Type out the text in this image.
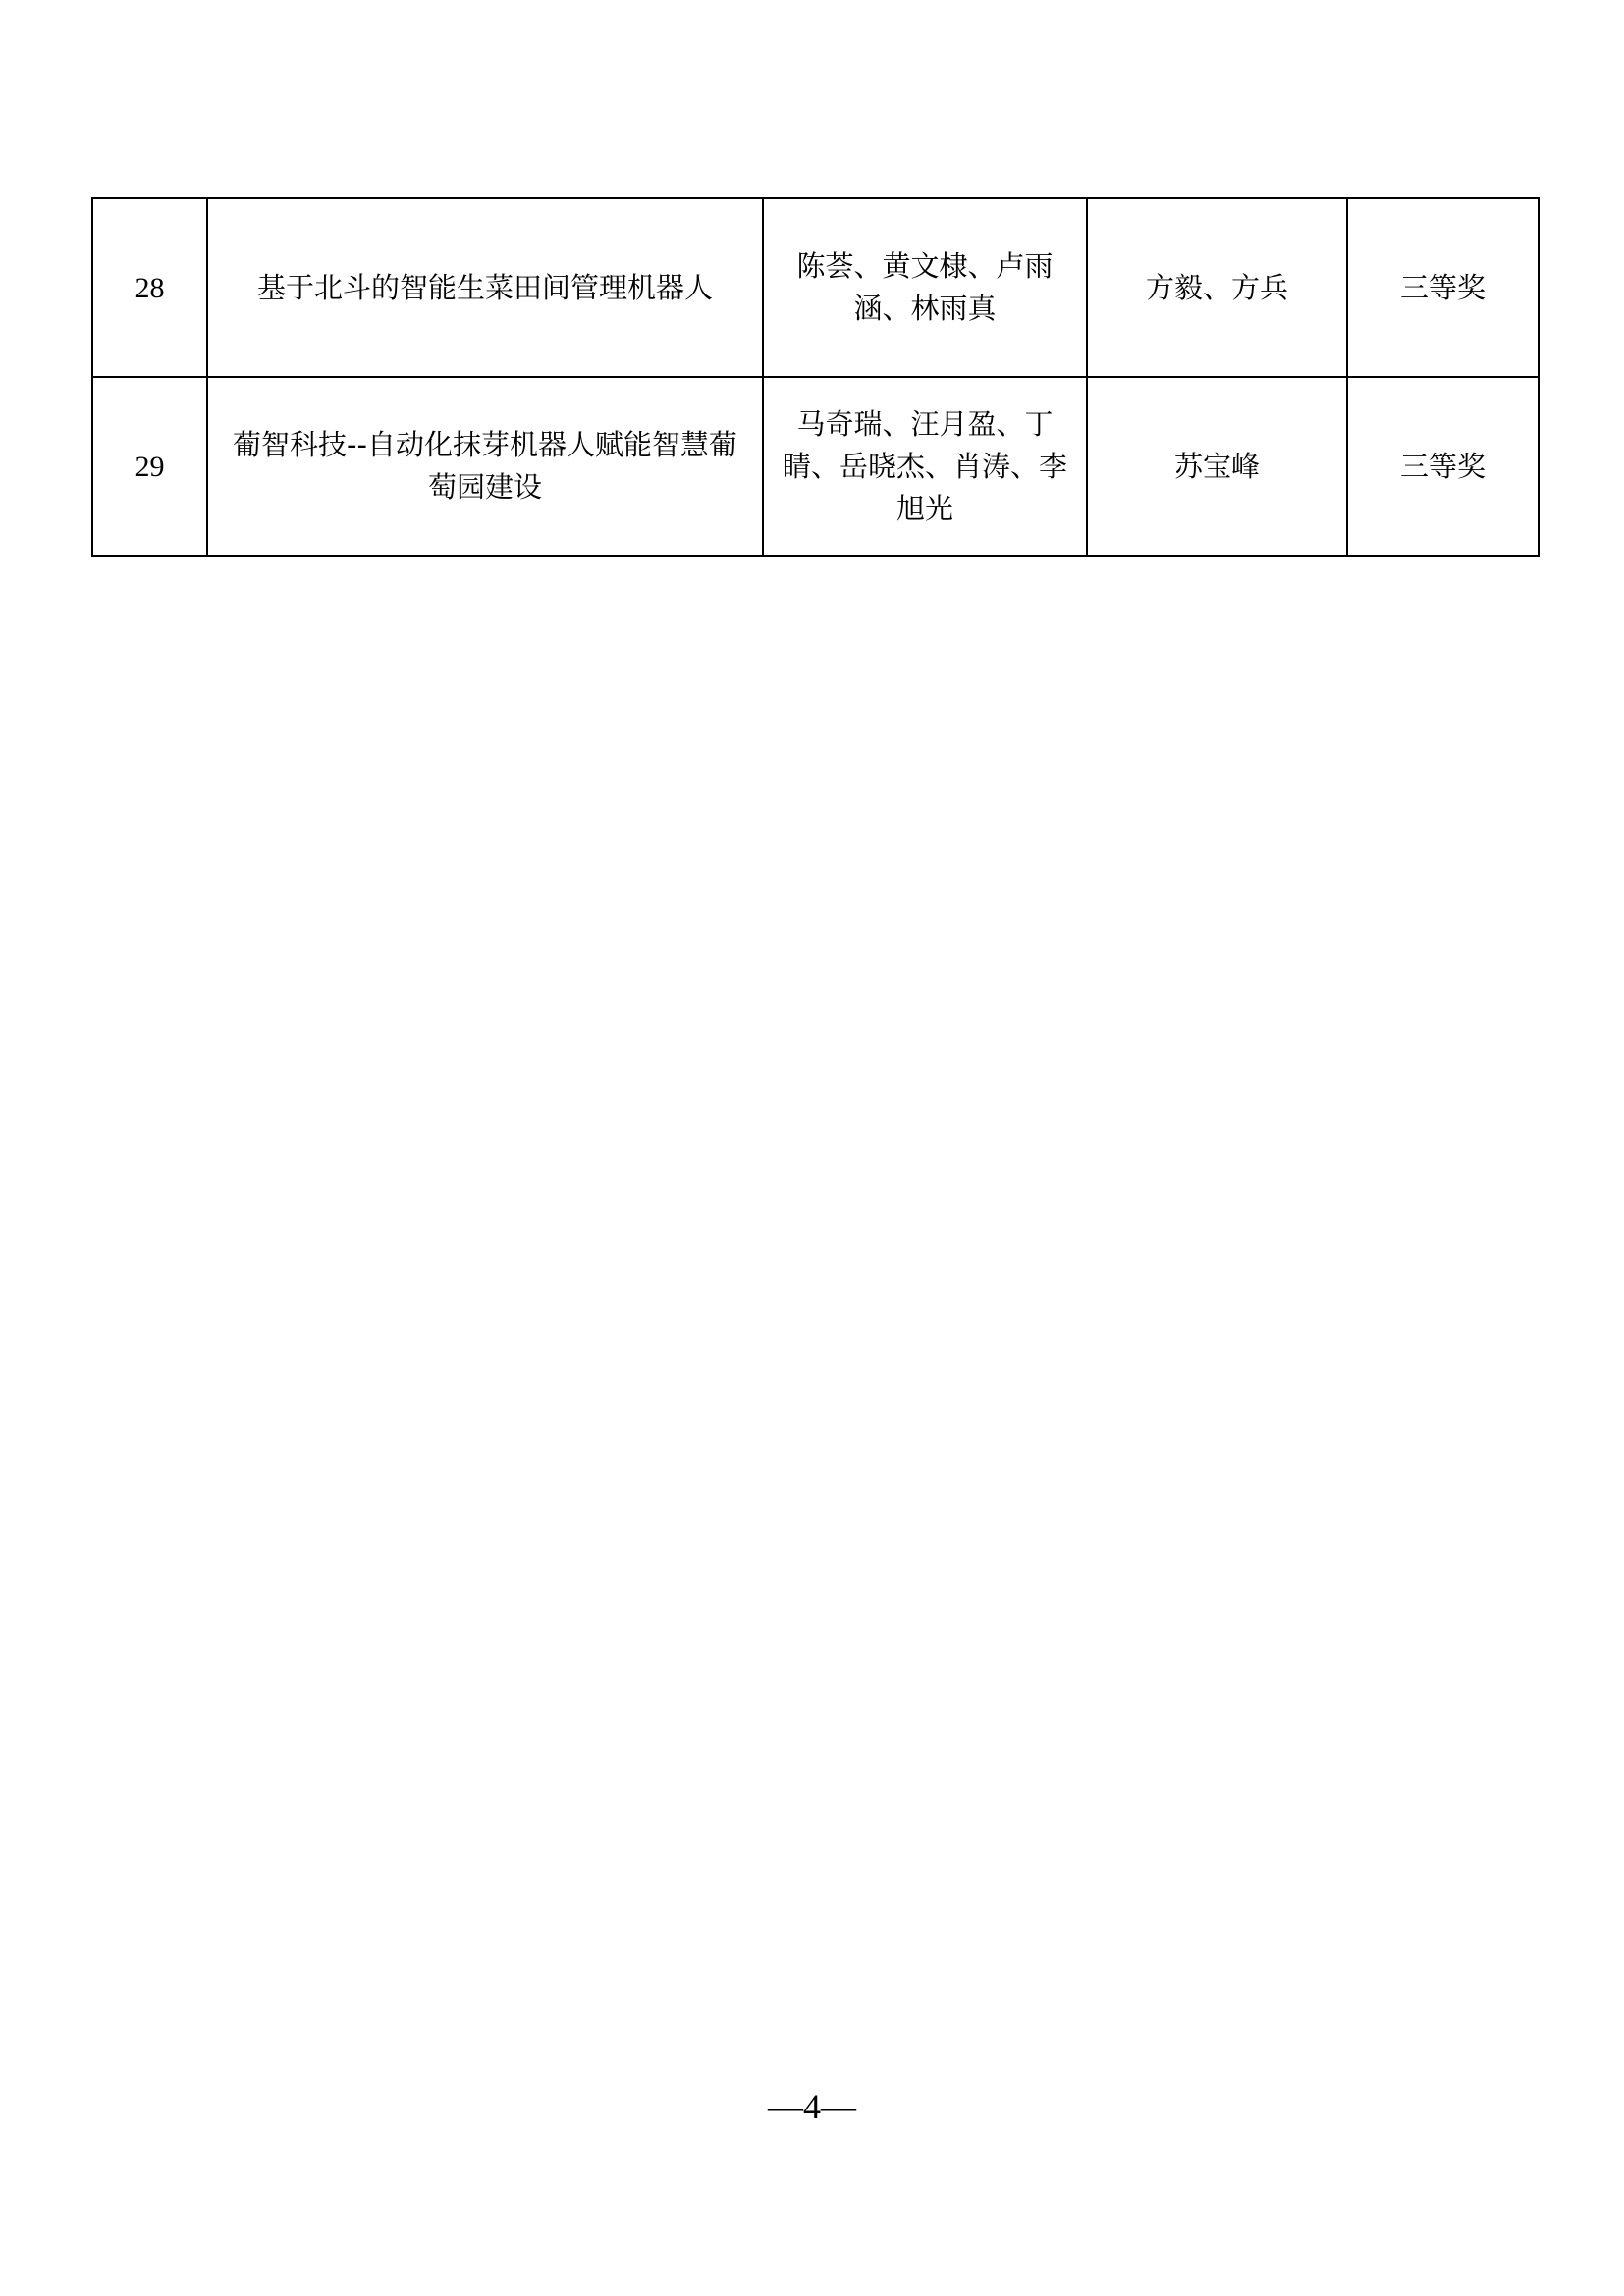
28	基于北斗的智能生菜田间管理机器人	陈荟、黄文棣、卢雨涵、林雨真	方毅、方兵	三等奖
29	葡智科技--自动化抹芽机器人赋能智慧葡萄园建设	马奇瑞、汪月盈、丁睛、岳晓杰、肖涛、李旭光	苏宝峰	三等奖
—4—
